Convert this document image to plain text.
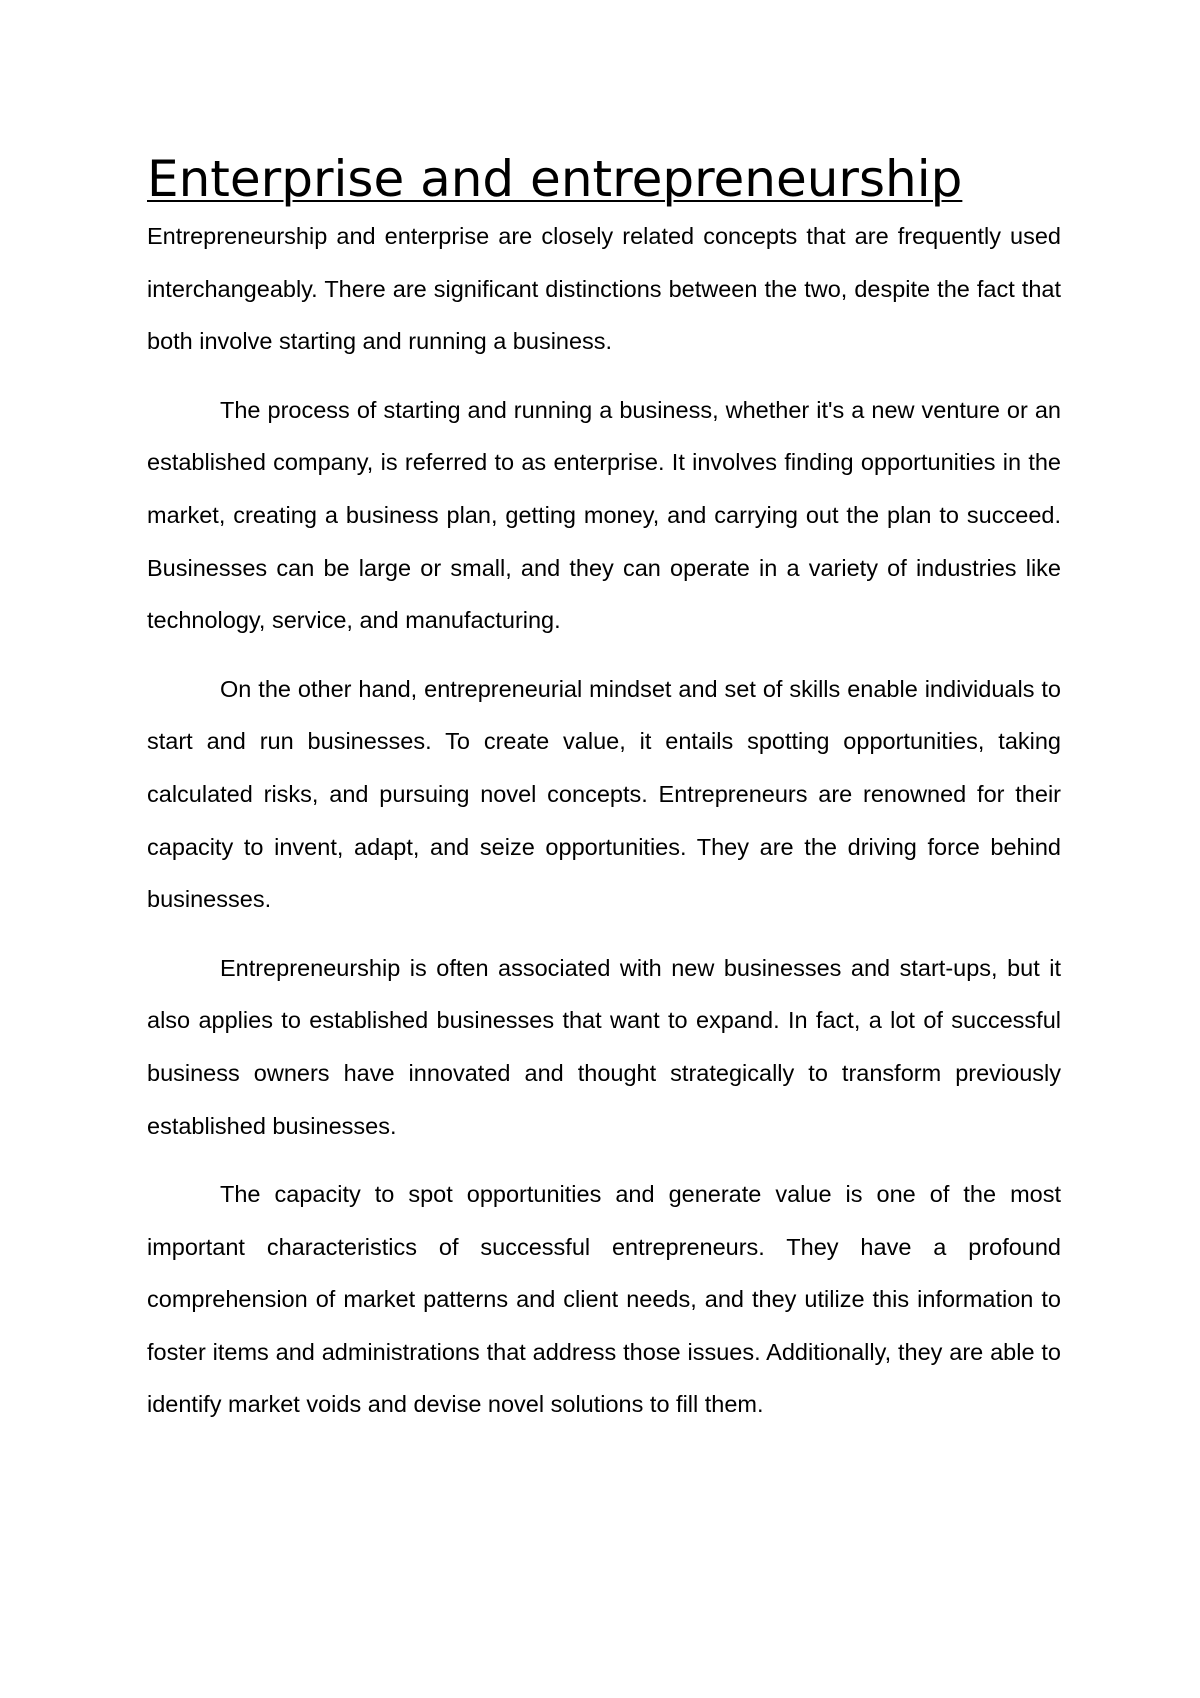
Enterprise and entrepreneurship

Entrepreneurship and enterprise are closely related concepts that are frequently used interchangeably. There are significant distinctions between the two, despite the fact that both involve starting and running a business.

The process of starting and running a business, whether it's a new venture or an established company, is referred to as enterprise. It involves finding opportunities in the market, creating a business plan, getting money, and carrying out the plan to succeed. Businesses can be large or small, and they can operate in a variety of industries like technology, service, and manufacturing.

On the other hand, entrepreneurial mindset and set of skills enable individuals to start and run businesses. To create value, it entails spotting opportunities, taking calculated risks, and pursuing novel concepts. Entrepreneurs are renowned for their capacity to invent, adapt, and seize opportunities. They are the driving force behind businesses.

Entrepreneurship is often associated with new businesses and start-ups, but it also applies to established businesses that want to expand. In fact, a lot of successful business owners have innovated and thought strategically to transform previously established businesses.

The capacity to spot opportunities and generate value is one of the most important characteristics of successful entrepreneurs. They have a profound comprehension of market patterns and client needs, and they utilize this information to foster items and administrations that address those issues. Additionally, they are able to identify market voids and devise novel solutions to fill them.
